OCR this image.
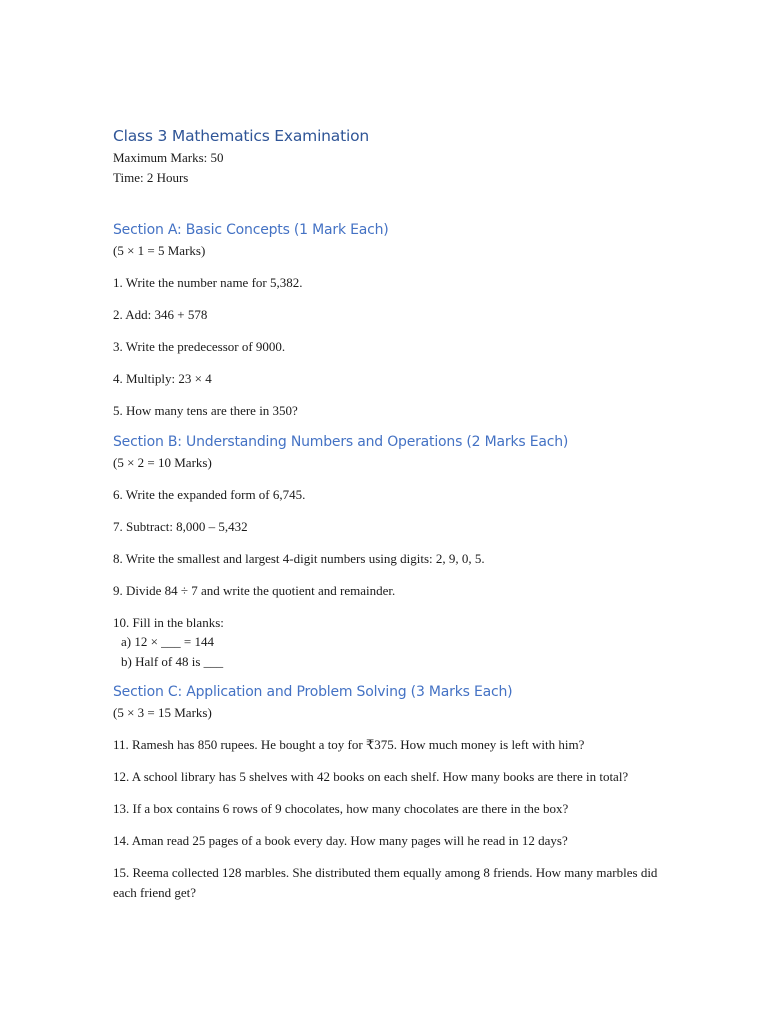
Class 3 Mathematics Examination
Maximum Marks: 50
Time: 2 Hours
Section A: Basic Concepts (1 Mark Each)
(5 × 1 = 5 Marks)
1. Write the number name for 5,382.
2. Add: 346 + 578
3. Write the predecessor of 9000.
4. Multiply: 23 × 4
5. How many tens are there in 350?
Section B: Understanding Numbers and Operations (2 Marks Each)
(5 × 2 = 10 Marks)
6. Write the expanded form of 6,745.
7. Subtract: 8,000 – 5,432
8. Write the smallest and largest 4-digit numbers using digits: 2, 9, 0, 5.
9. Divide 84 ÷ 7 and write the quotient and remainder.
10. Fill in the blanks:
a) 12 × ___ = 144
b) Half of 48 is ___
Section C: Application and Problem Solving (3 Marks Each)
(5 × 3 = 15 Marks)
11. Ramesh has 850 rupees. He bought a toy for ₹375. How much money is left with him?
12. A school library has 5 shelves with 42 books on each shelf. How many books are there in total?
13. If a box contains 6 rows of 9 chocolates, how many chocolates are there in the box?
14. Aman read 25 pages of a book every day. How many pages will he read in 12 days?
15. Reema collected 128 marbles. She distributed them equally among 8 friends. How many marbles did each friend get?
